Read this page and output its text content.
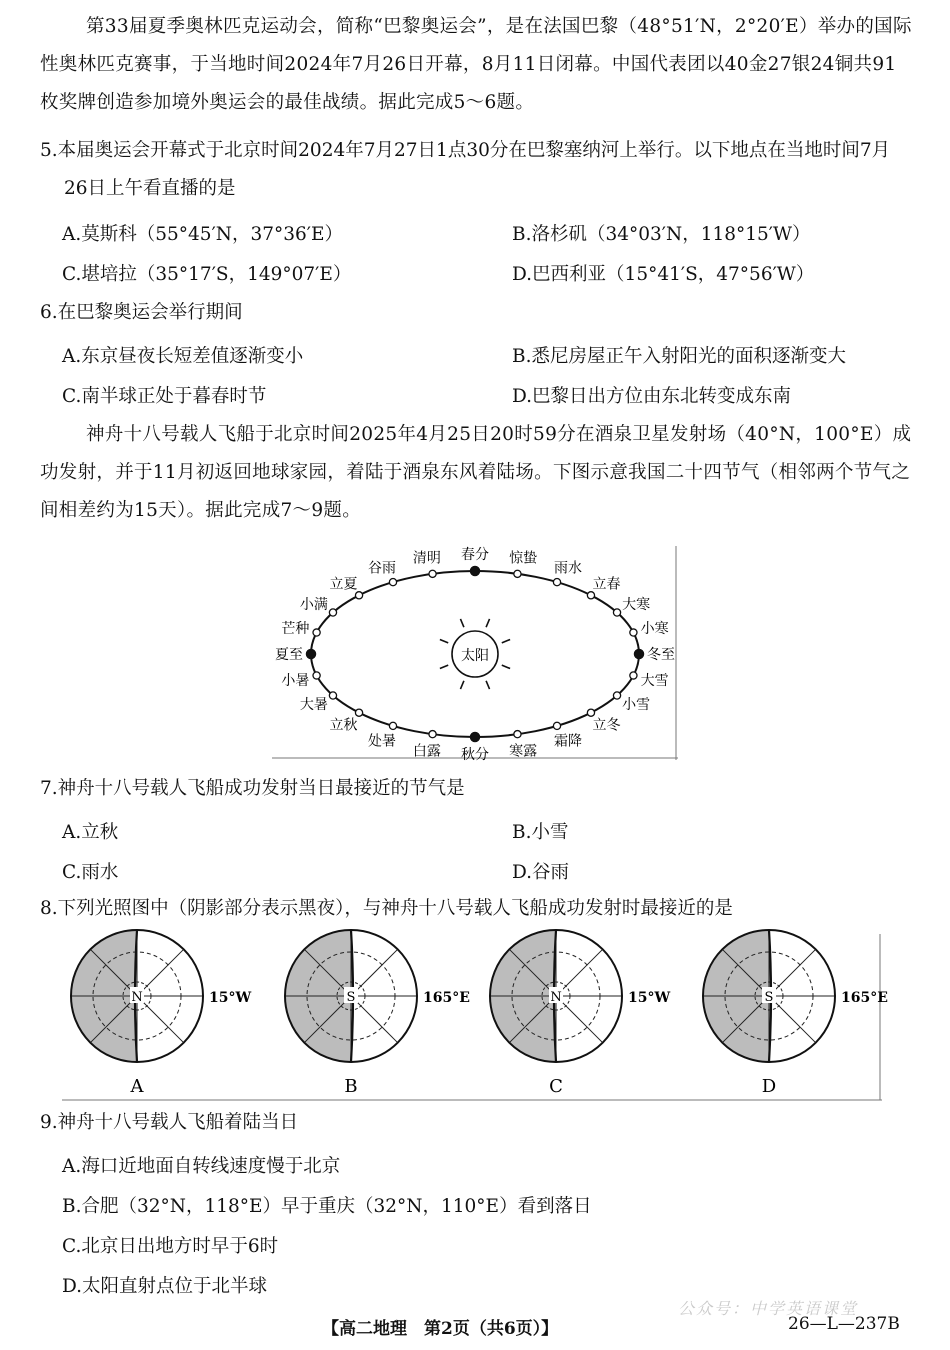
第33届夏季奥林匹克运动会，简称“巴黎奥运会”，是在法国巴黎（48°51′N，2°20′E）举办的国际性奥林匹克赛事，于当地时间2024年7月26日开幕，8月11日闭幕。中国代表团以40金27银24铜共91枚奖牌创造参加境外奥运会的最佳战绩。据此完成5～6题。
5.本届奥运会开幕式于北京时间2024年7月27日1点30分在巴黎塞纳河上举行。以下地点在当地时间7月26日上午看直播的是
A.莫斯科（55°45′N，37°36′E）	B.洛杉矶（34°03′N，118°15′W）
C.堪培拉（35°17′S，149°07′E）	D.巴西利亚（15°41′S，47°56′W）
6.在巴黎奥运会举行期间
A.东京昼夜长短差值逐渐变小	B.悉尼房屋正午入射阳光的面积逐渐变大
C.南半球正处于暮春时节	D.巴黎日出方位由东北转变成东南
神舟十八号载人飞船于北京时间2025年4月25日20时59分在酒泉卫星发射场（40°N，100°E）成功发射，并于11月初返回地球家园，着陆于酒泉东风着陆场。下图示意我国二十四节气（相邻两个节气之间相差约为15天）。据此完成7～9题。
太阳
春分
清明
谷雨
立夏
小满
芒种
夏至
小暑
大暑
立秋
处暑
白露 秋分 寒露
霜降
立冬
小雪
大雪
冬至
小寒
大寒
立春
雨水
惊蛰
7.神舟十八号载人飞船成功发射当日最接近的节气是
A.立秋	B.小雪
C.雨水	D.谷雨
8.下列光照图中（阴影部分表示黑夜），与神舟十八号载人飞船成功发射时最接近的是
N	15°W
A
S	165°E
B
N	15°W
C
S	165°E
D
9.神舟十八号载人飞船着陆当日
A.海口近地面自转线速度慢于北京
B.合肥（32°N，118°E）早于重庆（32°N，110°E）看到落日
C.北京日出地方时早于6时
D.太阳直射点位于北半球
公众号：中学英语课堂
【高二地理　第2页（共6页）】	26—L—237B
